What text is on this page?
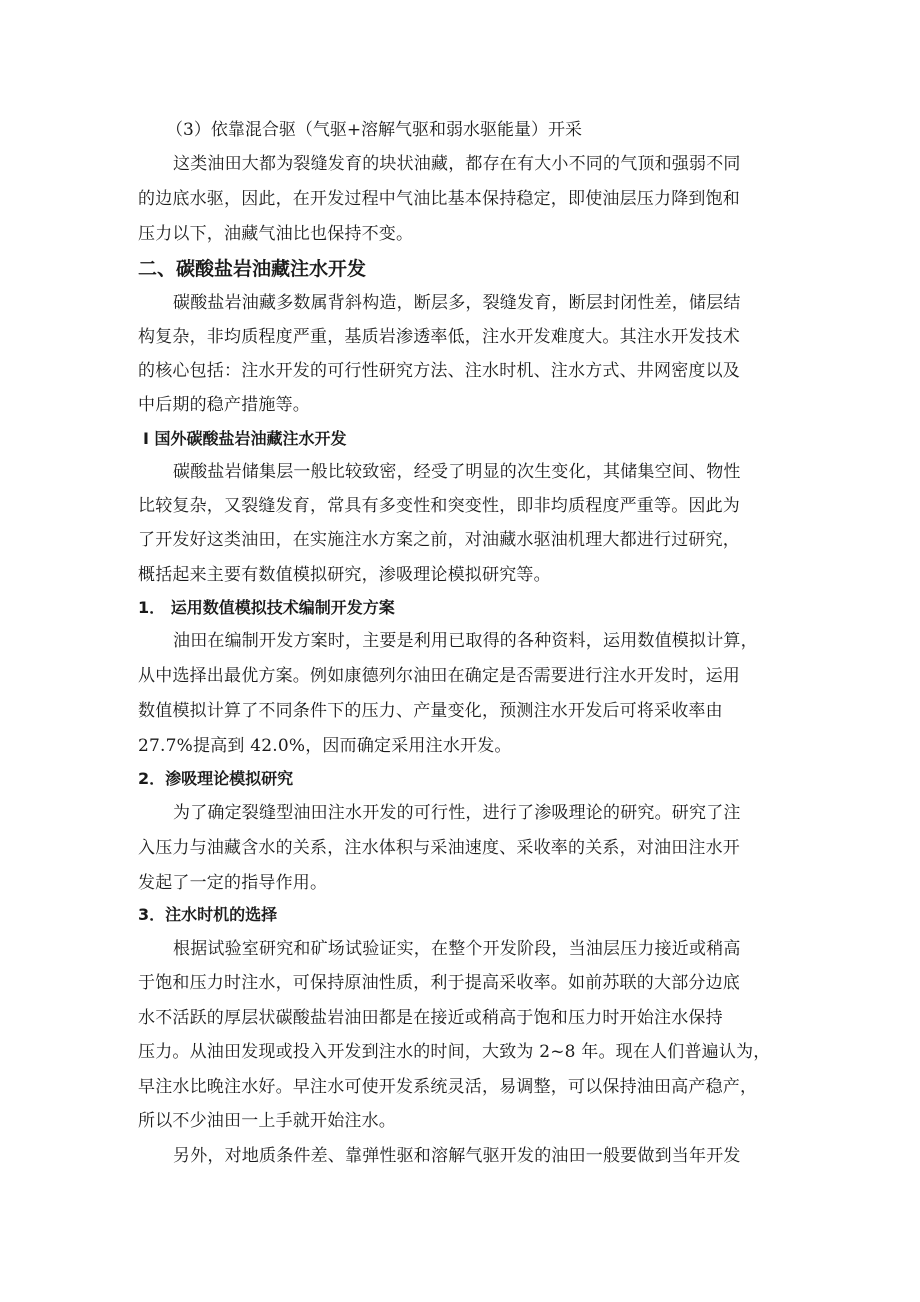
（3）依靠混合驱（气驱+溶解气驱和弱水驱能量）开采
这类油田大都为裂缝发育的块状油藏，都存在有大小不同的气顶和强弱不同
的边底水驱，因此，在开发过程中气油比基本保持稳定，即使油层压力降到饱和
压力以下，油藏气油比也保持不变。
二、碳酸盐岩油藏注水开发
碳酸盐岩油藏多数属背斜构造，断层多，裂缝发育，断层封闭性差，储层结
构复杂，非均质程度严重，基质岩渗透率低，注水开发难度大。其注水开发技术
的核心包括：注水开发的可行性研究方法、注水时机、注水方式、井网密度以及
中后期的稳产措施等。
Ⅰ 国外碳酸盐岩油藏注水开发
碳酸盐岩储集层一般比较致密，经受了明显的次生变化，其储集空间、物性
比较复杂，又裂缝发育，常具有多变性和突变性，即非均质程度严重等。因此为
了开发好这类油田，在实施注水方案之前，对油藏水驱油机理大都进行过研究，
概括起来主要有数值模拟研究，渗吸理论模拟研究等。
1． 运用数值模拟技术编制开发方案
油田在编制开发方案时，主要是利用已取得的各种资料，运用数值模拟计算，
从中选择出最优方案。例如康德列尔油田在确定是否需要进行注水开发时，运用
数值模拟计算了不同条件下的压力、产量变化，预测注水开发后可将采收率由
27.7%提高到 42.0%，因而确定采用注水开发。
2．渗吸理论模拟研究
为了确定裂缝型油田注水开发的可行性，进行了渗吸理论的研究。研究了注
入压力与油藏含水的关系，注水体积与采油速度、采收率的关系，对油田注水开
发起了一定的指导作用。
3．注水时机的选择
根据试验室研究和矿场试验证实，在整个开发阶段，当油层压力接近或稍高
于饱和压力时注水，可保持原油性质，利于提高采收率。如前苏联的大部分边底
水不活跃的厚层状碳酸盐岩油田都是在接近或稍高于饱和压力时开始注水保持
压力。从油田发现或投入开发到注水的时间，大致为 2~8 年。现在人们普遍认为，
早注水比晚注水好。早注水可使开发系统灵活，易调整，可以保持油田高产稳产，
所以不少油田一上手就开始注水。
另外，对地质条件差、靠弹性驱和溶解气驱开发的油田一般要做到当年开发
